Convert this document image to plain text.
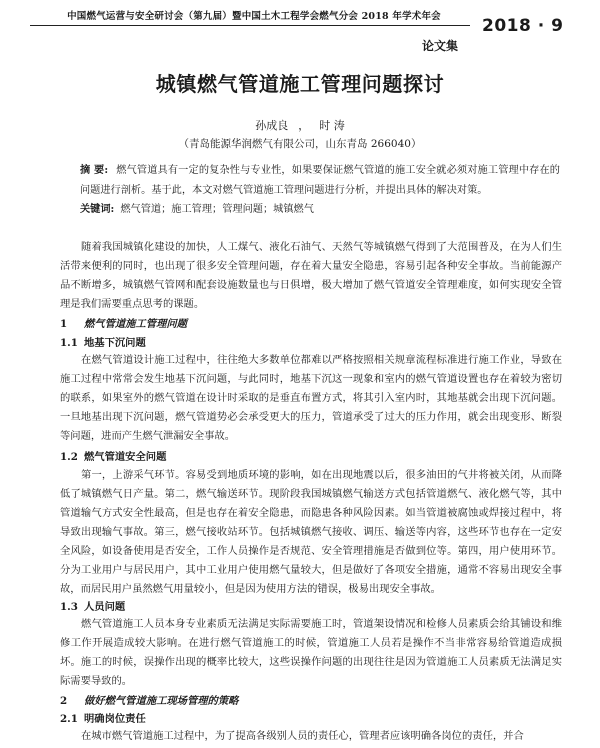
中国燃气运营与安全研讨会（第九届）暨中国土木工程学会燃气分会 2018 年学术年会	2018 · 9
论文集
城镇燃气管道施工管理问题探讨
孙成良 ， 时 涛
（青岛能源华润燃气有限公司，山东青岛 266040）
摘 要: 燃气管道具有一定的复杂性与专业性，如果要保证燃气管道的施工安全就必须对施工管理中存在的问题进行剖析。基于此，本文对燃气管道施工管理问题进行分析，并提出具体的解决对策。
关键词: 燃气管道；施工管理；管理问题；城镇燃气
随着我国城镇化建设的加快，人工煤气、液化石油气、天然气等城镇燃气得到了大范围普及，在为人们生活带来便利的同时，也出现了很多安全管理问题，存在着大量安全隐患，容易引起各种安全事故。当前能源产品不断增多，城镇燃气管网和配套设施数量也与日俱增，极大增加了燃气管道安全管理难度，如何实现安全管理是我们需要重点思考的课题。
1 燃气管道施工管理问题
1.1 地基下沉问题
在燃气管道设计施工过程中，往往绝大多数单位都难以严格按照相关规章流程标准进行施工作业，导致在施工过程中常常会发生地基下沉问题，与此同时，地基下沉这一现象和室内的燃气管道设置也存在着较为密切的联系，如果室外的燃气管道在设计时采取的是垂直布置方式，将其引入室内时，其地基就会出现下沉问题。一旦地基出现下沉问题，燃气管道势必会承受更大的压力，管道承受了过大的压力作用，就会出现变形、断裂等问题，进而产生燃气泄漏安全事故。
1.2 燃气管道安全问题
第一，上游采气环节。容易受到地质环境的影响，如在出现地震以后，很多油田的气井将被关闭，从而降低了城镇燃气日产量。第二，燃气输送环节。现阶段我国城镇燃气输送方式包括管道燃气、液化燃气等，其中管道输气方式安全性最高，但是也存在着安全隐患，而隐患各种风险因素。如当管道被腐蚀或焊接过程中，将导致出现输气事故。第三，燃气接收站环节。包括城镇燃气接收、调压、输送等内容，这些环节也存在一定安全风险，如设备使用是否安全，工作人员操作是否规范、安全管理措施是否做到位等。第四，用户使用环节。分为工业用户与居民用户，其中工业用户使用燃气量较大，但是做好了各项安全措施，通常不容易出现安全事故，而居民用户虽然燃气用量较小，但是因为使用方法的错误，极易出现安全事故。
1.3 人员问题
燃气管道施工人员本身专业素质无法满足实际需要施工时，管道架设情况和检修人员素质会给其铺设和维修工作开展造成较大影响。在进行燃气管道施工的时候，管道施工人员若是操作不当非常容易给管道造成损坏。施工的时候，误操作出现的概率比较大，这些误操作问题的出现往往是因为管道施工人员素质无法满足实际需要导致的。
2 做好燃气管道施工现场管理的策略
2.1 明确岗位责任
在城市燃气管道施工过程中，为了提高各级别人员的责任心，管理者应该明确各岗位的责任，并合
